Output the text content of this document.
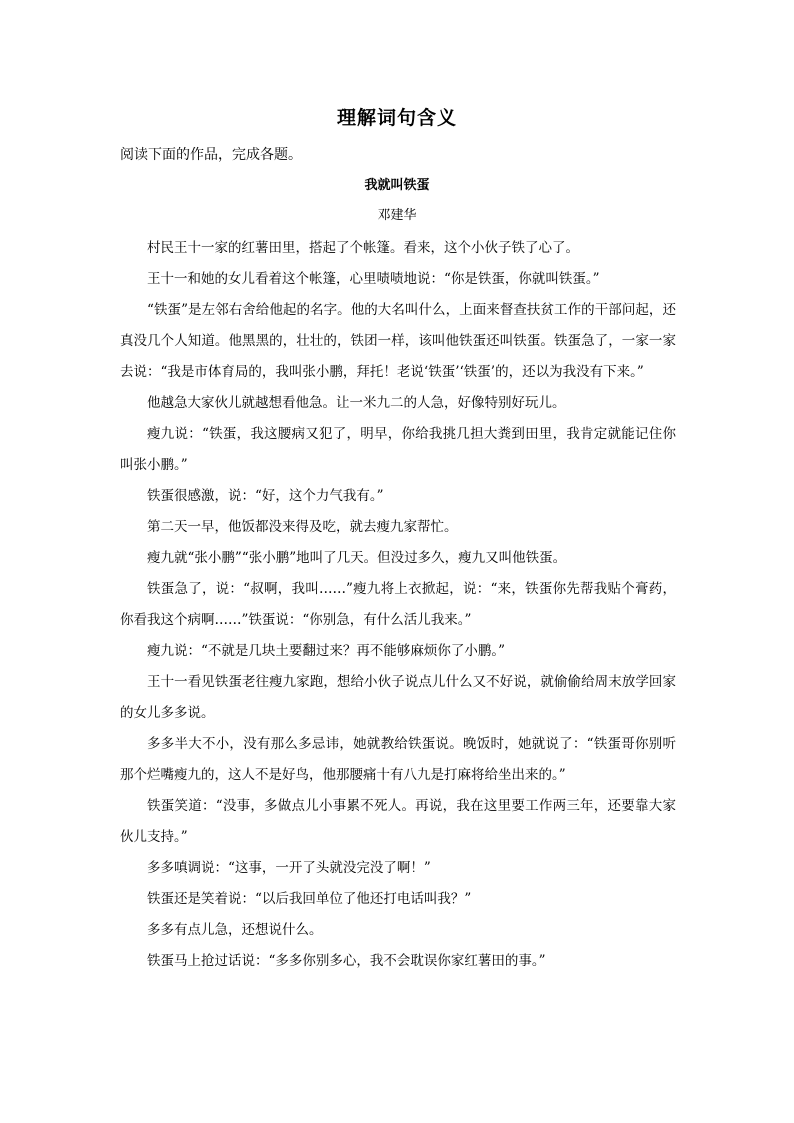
理解词句含义
阅读下面的作品，完成各题。
我就叫铁蛋
邓建华

村民王十一家的红薯田里，搭起了个帐篷。看来，这个小伙子铁了心了。

王十一和她的女儿看着这个帐篷，心里啧啧地说：“你是铁蛋，你就叫铁蛋。”

“铁蛋”是左邻右舍给他起的名字。他的大名叫什么，上面来督查扶贫工作的干部问起，还真没几个人知道。他黑黑的，壮壮的，铁团一样，该叫他铁蛋还叫铁蛋。铁蛋急了，一家一家去说：“我是市体育局的，我叫张小鹏，拜托！老说‘铁蛋’‘铁蛋’的，还以为我没有下来。”

他越急大家伙儿就越想看他急。让一米九二的人急，好像特别好玩儿。

瘦九说：“铁蛋，我这腰病又犯了，明早，你给我挑几担大粪到田里，我肯定就能记住你叫张小鹏。”

铁蛋很感激，说：“好，这个力气我有。”

第二天一早，他饭都没来得及吃，就去瘦九家帮忙。

瘦九就“张小鹏”“张小鹏”地叫了几天。但没过多久，瘦九又叫他铁蛋。

铁蛋急了，说：“叔啊，我叫……”瘦九将上衣掀起，说：“来，铁蛋你先帮我贴个膏药，你看我这个病啊……”铁蛋说：“你别急，有什么活儿我来。”

瘦九说：“不就是几块土要翻过来？再不能够麻烦你了小鹏。”

王十一看见铁蛋老往瘦九家跑，想给小伙子说点儿什么又不好说，就偷偷给周末放学回家的女儿多多说。

多多半大不小，没有那么多忌讳，她就教给铁蛋说。晚饭时，她就说了：“铁蛋哥你别听那个烂嘴瘦九的，这人不是好鸟，他那腰痛十有八九是打麻将给坐出来的。”

铁蛋笑道：“没事，多做点儿小事累不死人。再说，我在这里要工作两三年，还要靠大家伙儿支持。”

多多嗔调说：“这事，一开了头就没完没了啊！”

铁蛋还是笑着说：“以后我回单位了他还打电话叫我？”

多多有点儿急，还想说什么。

铁蛋马上抢过话说：“多多你别多心，我不会耽误你家红薯田的事。”
